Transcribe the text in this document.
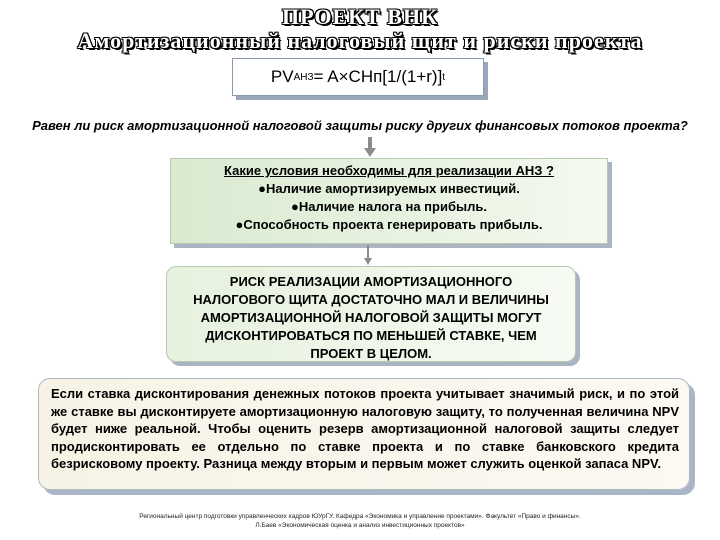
ПРОЕКТ ВНК
Амортизационный налоговый щит и риски проекта
PV АНЗ = A × CHп[1/(1+r)] t
Равен ли риск амортизационной налоговой защиты риску других финансовых потоков проекта?
Какие условия необходимы для реализации АНЗ ?
●Наличие амортизируемых инвестиций.
●Наличие налога на прибыль.
●Способность проекта генерировать прибыль.
РИСК РЕАЛИЗАЦИИ АМОРТИЗАЦИОННОГО
НАЛОГОВОГО ЩИТА ДОСТАТОЧНО МАЛ И ВЕЛИЧИНЫ
АМОРТИЗАЦИОННОЙ НАЛОГОВОЙ ЗАЩИТЫ МОГУТ
ДИСКОНТИРОВАТЬСЯ ПО МЕНЬШЕЙ СТАВКЕ, ЧЕМ
ПРОЕКТ В ЦЕЛОМ.
Если ставка дисконтирования денежных потоков проекта учитывает значимый риск, и по этой же ставке вы дисконтируете амортизационную налоговую защиту, то полученная величина NPV будет ниже реальной. Чтобы оценить резерв амортизационной налоговой защиты следует продисконтировать ее отдельно по ставке проекта и по ставке банковского кредита безрисковому проекту. Разница между вторым и первым может служить оценкой запаса NPV.
Региональный центр подготовки управленческих кадров ЮУрГУ. Кафедра «Экономика и управление проектами». Факультет «Право и финансы».
Л.Баев «Экономическая оценка и анализ инвестиционных проектов»
